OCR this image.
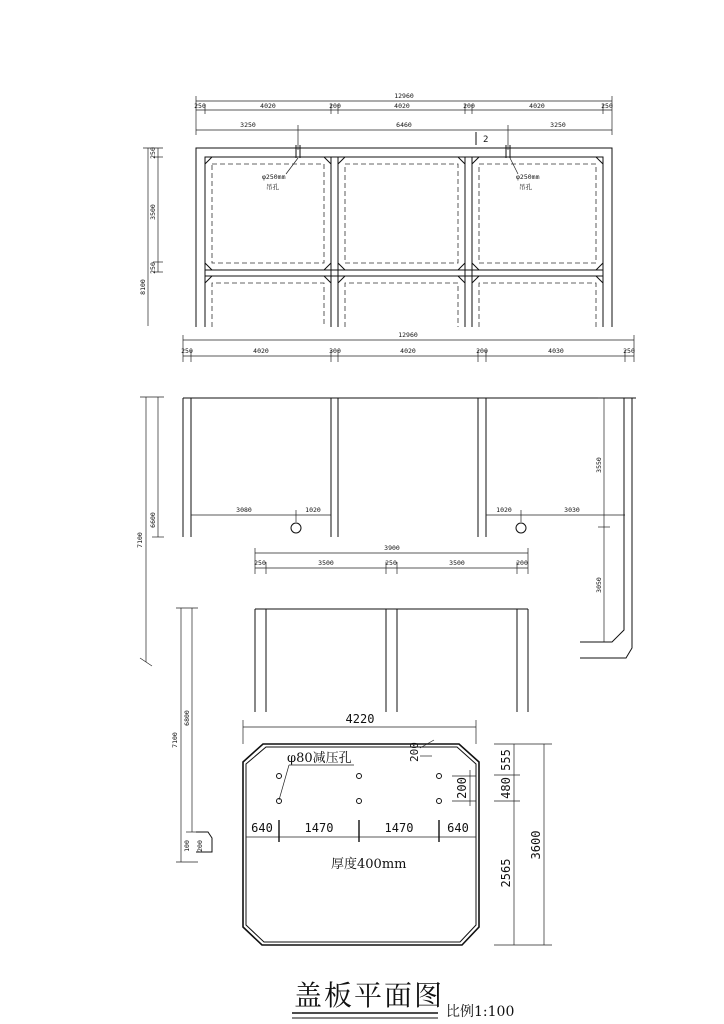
12960
250	4020	200	4020	200	4020	250
3250	6460	3250
2
250
3500
250
8100
φ250mm
吊孔
φ250mm
吊孔
12960
250	4020	300	4020	200	4030	250
7100
6600
3080	1020	1020	3030
3550
3050
3900
250	3500	250	3500	200
7100
6800
100 200
4220
200
φ80减压孔
200
640	1470	1470	640
厚度400mm
555
480
2565
3600
盖板平面图 比例1:100
